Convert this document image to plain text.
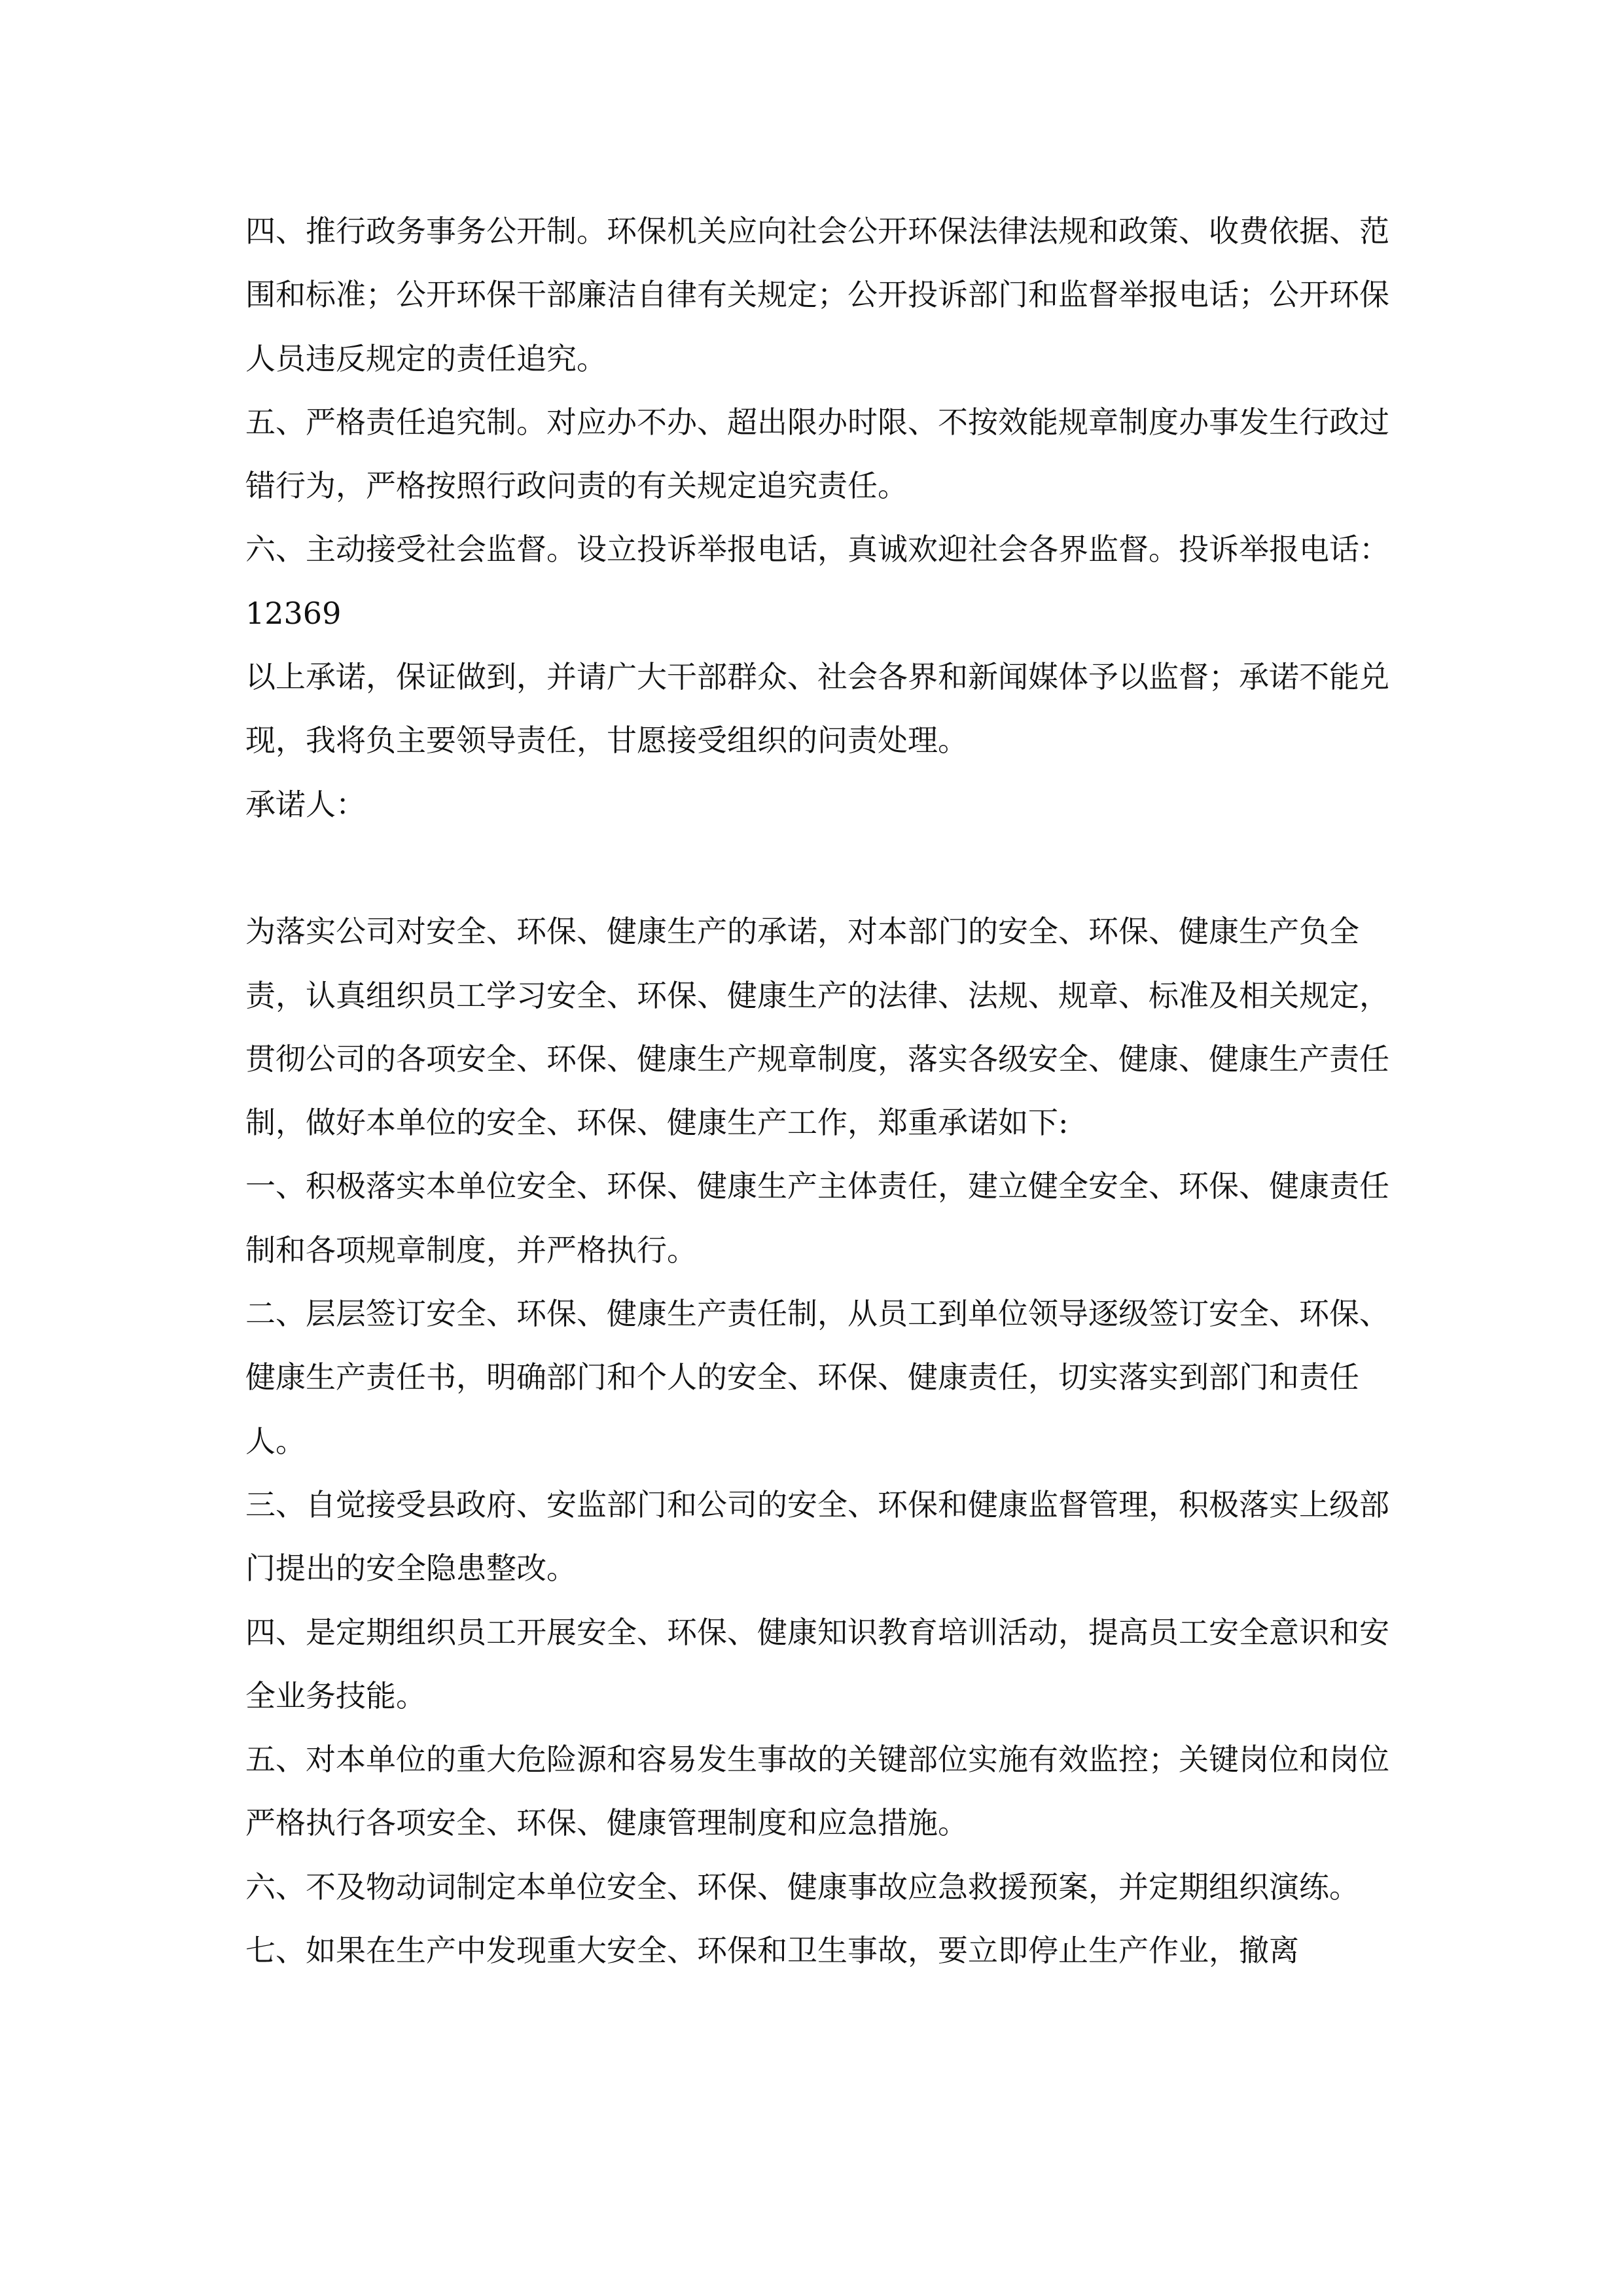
四、推行政务事务公开制。环保机关应向社会公开环保法律法规和政策、收费依据、范围和标准；公开环保干部廉洁自律有关规定；公开投诉部门和监督举报电话；公开环保人员违反规定的责任追究。

五、严格责任追究制。对应办不办、超出限办时限、不按效能规章制度办事发生行政过错行为，严格按照行政问责的有关规定追究责任。

六、主动接受社会监督。设立投诉举报电话，真诚欢迎社会各界监督。投诉举报电话：12369

以上承诺，保证做到，并请广大干部群众、社会各界和新闻媒体予以监督；承诺不能兑现，我将负主要领导责任，甘愿接受组织的问责处理。

承诺人：

为落实公司对安全、环保、健康生产的承诺，对本部门的安全、环保、健康生产负全责，认真组织员工学习安全、环保、健康生产的法律、法规、规章、标准及相关规定，贯彻公司的各项安全、环保、健康生产规章制度，落实各级安全、健康、健康生产责任制，做好本单位的安全、环保、健康生产工作，郑重承诺如下:

一、积极落实本单位安全、环保、健康生产主体责任，建立健全安全、环保、健康责任制和各项规章制度，并严格执行。

二、层层签订安全、环保、健康生产责任制，从员工到单位领导逐级签订安全、环保、健康生产责任书，明确部门和个人的安全、环保、健康责任，切实落实到部门和责任人。

三、自觉接受县政府、安监部门和公司的安全、环保和健康监督管理，积极落实上级部门提出的安全隐患整改。

四、是定期组织员工开展安全、环保、健康知识教育培训活动，提高员工安全意识和安全业务技能。

五、对本单位的重大危险源和容易发生事故的关键部位实施有效监控；关键岗位和岗位严格执行各项安全、环保、健康管理制度和应急措施。

六、不及物动词制定本单位安全、环保、健康事故应急救援预案，并定期组织演练。

七、如果在生产中发现重大安全、环保和卫生事故，要立即停止生产作业，撤离
